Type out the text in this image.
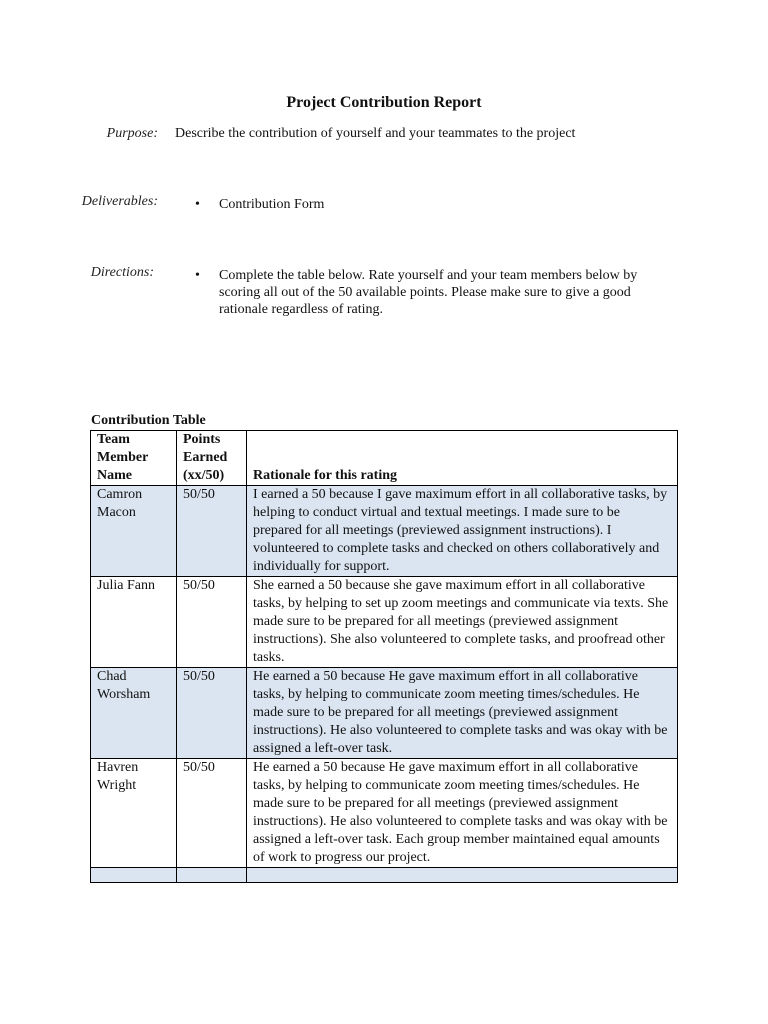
Project Contribution Report
Purpose: Describe the contribution of yourself and your teammates to the project
Deliverables:	• Contribution Form
Directions:	• Complete the table below. Rate yourself and your team members below by scoring all out of the 50 available points. Please make sure to give a good rationale regardless of rating.
Contribution Table
Team Member Name	Points Earned (xx/50)	Rationale for this rating
Camron Macon	50/50	I earned a 50 because I gave maximum effort in all collaborative tasks, by helping to conduct virtual and textual meetings. I made sure to be prepared for all meetings (previewed assignment instructions). I volunteered to complete tasks and checked on others collaboratively and individually for support.
Julia Fann	50/50	She earned a 50 because she gave maximum effort in all collaborative tasks, by helping to set up zoom meetings and communicate via texts. She made sure to be prepared for all meetings (previewed assignment instructions). She also volunteered to complete tasks, and proofread other tasks.
Chad Worsham	50/50	He earned a 50 because He gave maximum effort in all collaborative tasks, by helping to communicate zoom meeting times/schedules. He made sure to be prepared for all meetings (previewed assignment instructions). He also volunteered to complete tasks and was okay with be assigned a left-over task.
Havren Wright	50/50	He earned a 50 because He gave maximum effort in all collaborative tasks, by helping to communicate zoom meeting times/schedules. He made sure to be prepared for all meetings (previewed assignment instructions). He also volunteered to complete tasks and was okay with be assigned a left-over task. Each group member maintained equal amounts of work to progress our project.
